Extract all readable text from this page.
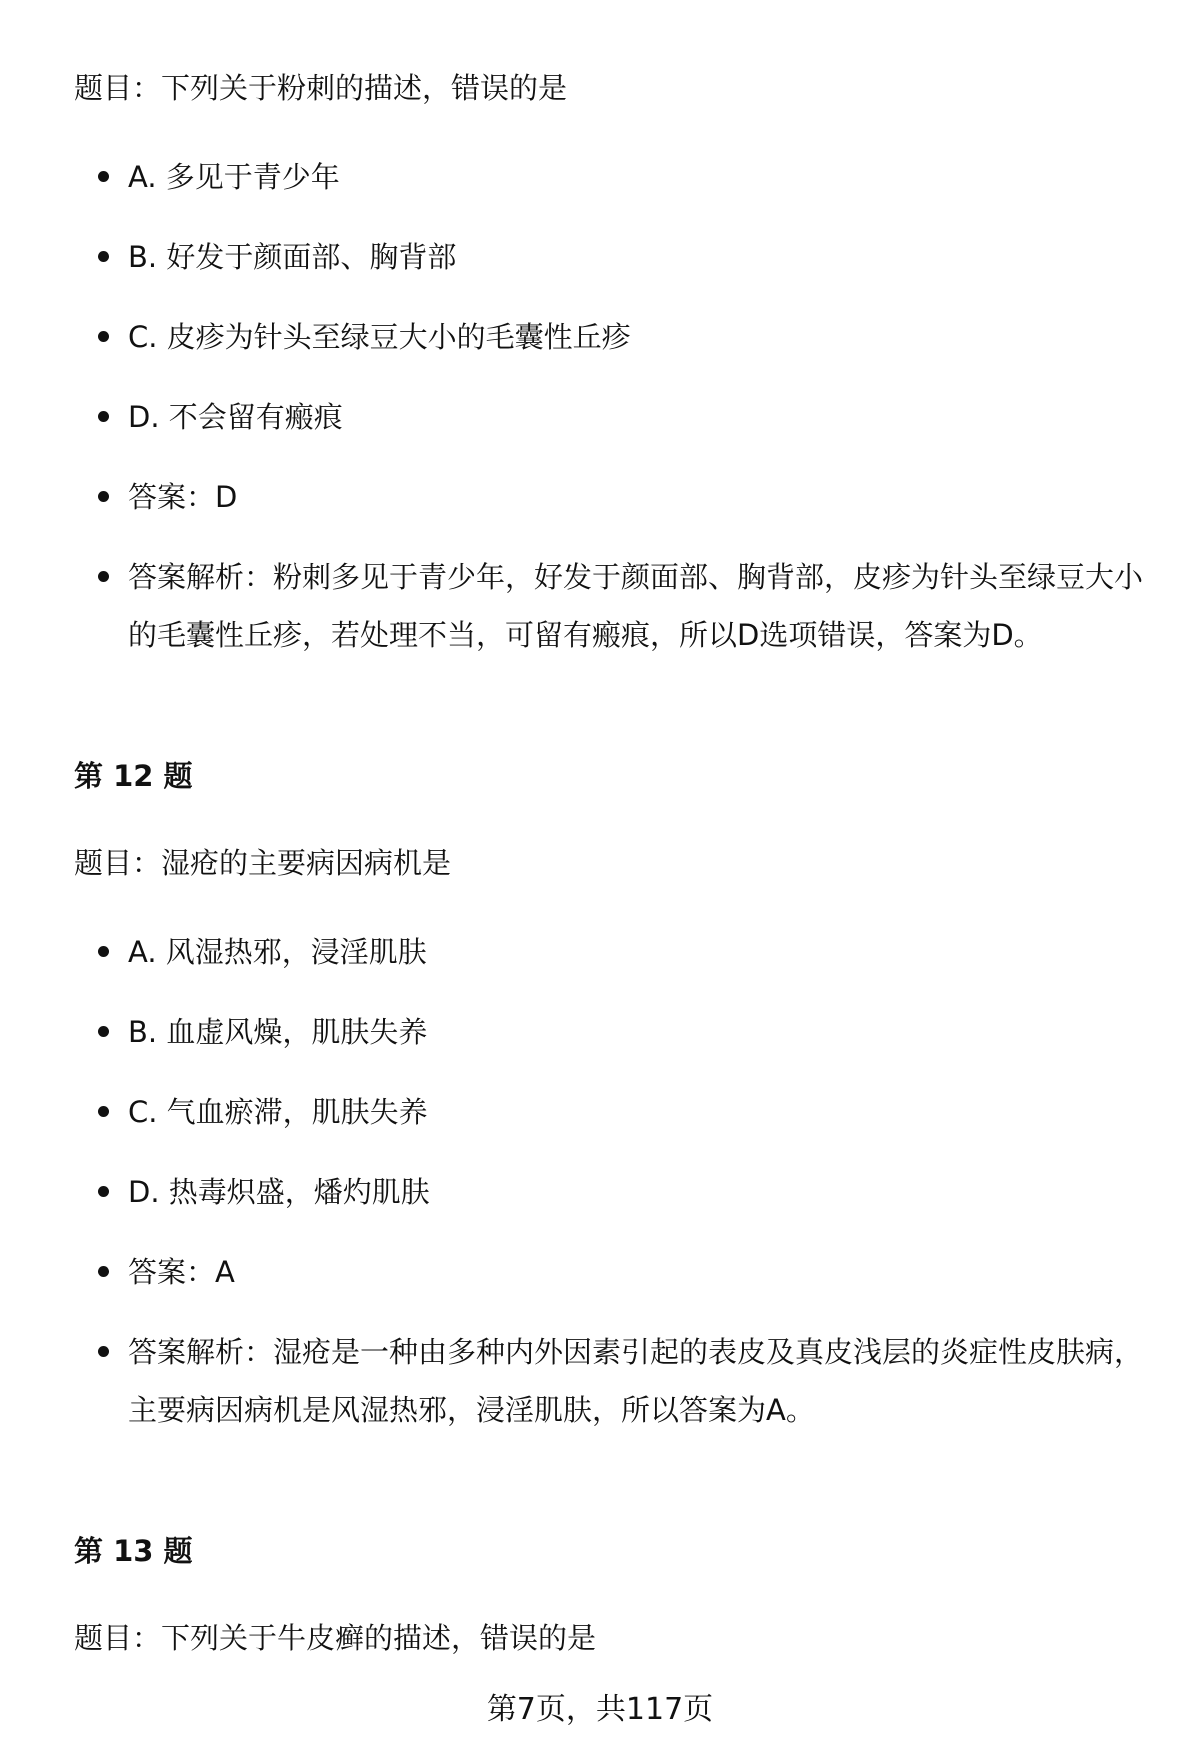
题目：下列关于粉刺的描述，错误的是
A. 多见于青少年
B. 好发于颜面部、胸背部
C. 皮疹为针头至绿豆大小的毛囊性丘疹
D. 不会留有瘢痕
答案：D
答案解析：粉刺多见于青少年，好发于颜面部、胸背部，皮疹为针头至绿豆大小的毛囊性丘疹，若处理不当，可留有瘢痕，所以D选项错误，答案为D。
第 12 题
题目：湿疮的主要病因病机是
A. 风湿热邪，浸淫肌肤
B. 血虚风燥，肌肤失养
C. 气血瘀滞，肌肤失养
D. 热毒炽盛，燔灼肌肤
答案：A
答案解析：湿疮是一种由多种内外因素引起的表皮及真皮浅层的炎症性皮肤病，主要病因病机是风湿热邪，浸淫肌肤，所以答案为A。
第 13 题
题目：下列关于牛皮癣的描述，错误的是
第7页，共117页
